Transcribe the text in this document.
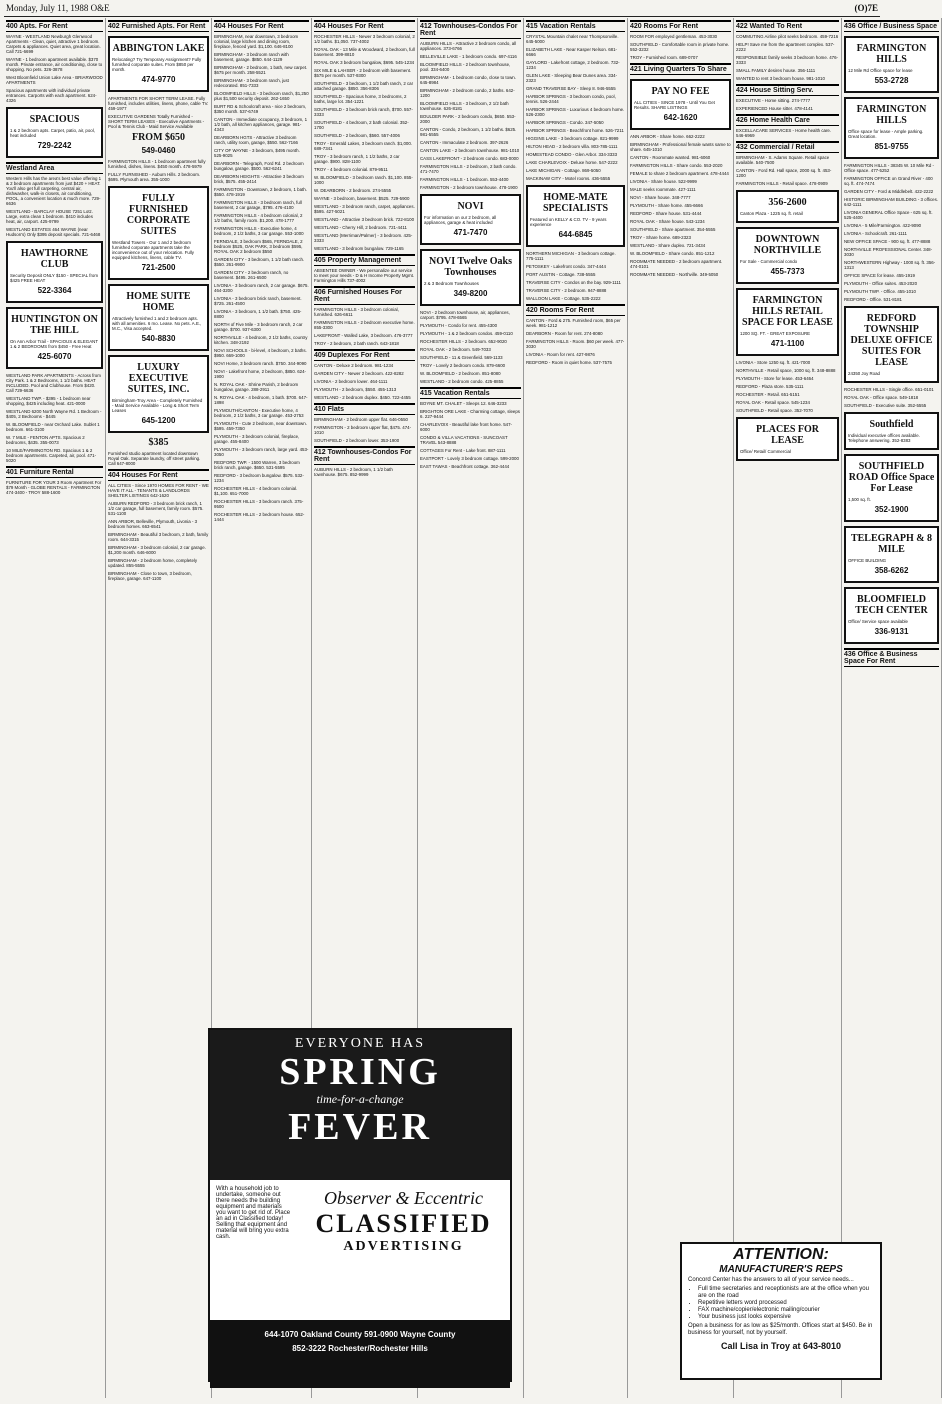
Monday, July 11, 1988 O&E	(O)7E
400 Apts. For Rent
WAYNE - WESTLAND Newburgh Glenwood Apartments - Clean, quiet, attractive 1 bedroom. Carpets & appliances. Quiet area, great location. Call 721-6699
WAYNE - 1 bedroom apartment available. $370 month. Private entrance, air conditioning, close to shopping. No pets. 326-3878
West Bloomfield Union Lake Area - BRIARWOOD APARTMENTS
Spacious apartments with individual private entrances. Carports with each apartment. 624-4326
SPACIOUS
1 & 2 bedroom apts. Carpet, patio, air, pool, heat included
729-2242
Westland Area
Western Hills has the area's best value offering 1 & 2 bedroom apartments from just $420 + HEAT. You'll also get full carpeting, central air, dishwasher, walk-in closets, air conditioning, POOL, a convenient location & much more. 729-6636
WESTLAND - BARCLAY HOUSE 7251 Lotz. Large, extra clean 1 bedroom. $410 includes heat, air, carport. 425-9799
WESTLAND ESTATES 464 WAYNE (near Hudson's) Only $395 deposit specials. 721-6468
HAWTHORNE CLUB
Security Deposit ONLY $150 - SPECIAL from $425 FREE HEAT
522-3364
HUNTINGTON ON THE HILL
On Ann Arbor Trail - SPACIOUS & ELEGANT 1 & 2 BEDROOMS from $450 - Free Heat
425-6070
WESTLAND PARK APARTMENTS - Across from City Park. 1 & 2 Bedrooms, 1 1/2 baths. HEAT INCLUDED. Pool and Clubhouse. From $420. Call 729-6636
WESTLAND TWP. - $395 - 1 bedroom near shopping, $425 including heat. 421-0000
WESTLAND 6200 North Wayne Rd. 1 Bedroom - $405, 2 Bedrooms - $445
W. BLOOMFIELD - near Orchard Lake. Sublet 1 bedroom. 661-3100
W. 7 MILE - FENTON APTS. Spacious 2 bedrooms, $435. 355-0073
10 MILE/FARMINGTON RD. Spacious 1 & 2 bedroom apartments. Carpeted, air, pool. 471-5020
401 Furniture Rental
FURNITURE FOR YOUR 3 Room Apartment For $79 Month - GLOBE RENTALS - FARMINGTON 474-3400 - TROY 588-1600
402 Furnished Apts. For Rent
ABBINGTON LAKE
Relocating? Try Temporary Assignment? Fully furnished corporate suites. From $850 per month.
474-9770
APARTMENTS FOR SHORT TERM LEASE. Fully furnished, includes utilities, linens, phone, cable TV. 459-1977
EXECUTIVE GARDENS Totally Furnished - SHORT TERM LEASES - Executive Apartments - Pool & Tennis Club - Maid Service Available
FROM $650
549-0460
FARMINGTON HILLS - 1 bedroom apartment fully furnished, dishes, linens. $450 month. 478-5979
FULLY FURNISHED - Auburn Hills. 2 bedroom. $695. Plymouth area. 355-1000
FULLY FURNISHED CORPORATE SUITES
Westland Towers - Our 1 and 2 bedroom furnished corporate apartments take the inconvenience out of your relocation. Fully equipped kitchens, linens, cable TV.
721-2500
HOME SUITE HOME
Attractively furnished 1 and 2 bedroom apts. with all amenities. 6 mo. Lease. No pets. A.E., M.C., Visa accepted.
540-8830
LUXURY EXECUTIVE SUITES, INC.
Birmingham-Troy Area - Completely Furnished - Maid Service Available - Long & Short Term Leases
645-1200
$385
Furnished studio apartment located downtown Royal Oak. Separate laundry, off street parking. Call 647-8000
404 Houses For Rent
ALL CITIES - Since 1970 HOMES FOR RENT - WE HAVE IT ALL - TENANTS & LANDLORDS SHELTER LISTINGS 642-1620
AUBURN REDFORD - 3 bedroom brick ranch, 1 1/2 car garage, full basement, family room. $575. 531-1100
ANN ARBOR, Belleville, Plymouth, Livonia - 3 bedroom homes. 663-6541
BIRMINGHAM - Beautiful 3 bedroom, 2 bath, family room. 644-3315
BIRMINGHAM - 3 bedroom colonial, 2 car garage. $1,200 month. 646-6000
BIRMINGHAM - 2 bedroom home, completely updated. 855-5555
BIRMINGHAM - Close to town, 3 bedroom, fireplace, garage. 647-1100
404 Houses For Rent
BIRMINGHAM, near downtown, 3 bedroom colonial, large kitchen and dining room, fireplace, fenced yard. $1,100. 646-8100
BIRMINGHAM - 3 bedroom ranch with basement, garage. $850. 644-1129
BIRMINGHAM - 2 bedroom, 1 bath, new carpet. $675 per month. 258-5521
BIRMINGHAM - 3 bedroom ranch, just redecorated. 851-7333
BLOOMFIELD HILLS - 3 bedroom ranch, $1,250 plus $1,500 security deposit. 262-1650
BURT RD & Schoolcraft area - nice 2 bedroom, $350 month. 537-6749
CANTON - Immediate occupancy, 3 bedroom, 1 1/2 bath, all kitchen appliances, garage. 981-4343
DEARBORN HGTS - Attractive 3 bedroom ranch, utility room, garage, $550. 562-7166
CITY OF WAYNE - 3 bedroom, $495 month. 525-9025
DEARBORN - Telegraph, Ford Rd. 2 bedroom bungalow, garage. $500. 562-6241
DEARBORN HEIGHTS - Attractive 3 bedroom brick, $575. 455-2414
FARMINGTON - Downtown, 2 bedroom, 1 bath. $550. 478-1919
FARMINGTON HILLS - 3 bedroom ranch, full basement, 2 car garage, $795. 476-4100
FARMINGTON HILLS - 4 bedroom colonial, 2 1/2 baths, family room. $1,200. 478-1777
FARMINGTON HILLS - Executive home, 4 bedroom, 2 1/2 baths, 3 car garage. 553-1000
FERNDALE, 3 bedroom $565, FERNDALE, 2 bedroom $525, OAK PARK, 3 bedroom $595, ROYAL OAK 2 bedroom $550
GARDEN CITY - 3 bedroom, 1 1/2 bath ranch. $550. 261-9900
GARDEN CITY - 2 bedroom ranch, no basement. $495. 261-6500
LIVONIA - 3 bedroom ranch, 2 car garage. $675. 464-3200
LIVONIA - 3 bedroom brick ranch, basement. $725. 261-4500
LIVONIA - 3 bedroom, 1 1/2 bath. $750. 425-8800
NORTH of Five Mile - 3 bedroom ranch, 2 car garage. $700. 937-6300
NORTHVILLE - 4 bedroom, 2 1/2 baths, country kitchen. 348-2192
NOVI SCHOOLS - bi-level, 4 bedroom, 2 baths. $950. 669-1000
NOVI Home, 3 bedroom ranch. $750. 344-9090
NOVI - Lakefront home, 2 bedroom, $850. 624-1900
N. ROYAL OAK - Shrine Parish, 2 bedroom bungalow, garage. 288-2911
N. ROYAL OAK - 4 bedroom, 1 bath. $700. 647-1898
PLYMOUTH/CANTON - Executive home, 4 bedroom, 2 1/2 baths, 3 car garage. 453-2753
PLYMOUTH - Cute 2 bedroom, near downtown. $595. 459-7350
PLYMOUTH - 3 bedroom colonial, fireplace, garage. 455-8400
PLYMOUTH - 3 bedroom ranch, large yard. 453-3050
REDFORD TWP. - 1500 Warren, 3 bedroom brick ranch, garage. $650. 531-5595
REDFORD - 3 bedroom bungalow. $575. 532-1234
ROCHESTER HILLS - 4 bedroom colonial. $1,100. 651-7000
ROCHESTER HILLS - 3 bedroom ranch. 375-9500
ROCHESTER HILLS - 2 bedroom house. 652-1444
404 Houses For Rent
ROCHESTER HILLS - Newer 3 bedroom colonial, 2 1/2 baths. $1,050. 737-4002
ROYAL OAK - 13 Mile & Woodward, 2 bedroom, full basement. 399-8810
ROYAL OAK 3 bedroom bungalow, $695. 545-1234
SIX MILE & LAHSER - 2 bedroom with basement. $575 per month. 537-9300
SOUTHFIELD - 3 bedroom, 1 1/2 bath ranch, 2 car attached garage. $850. 356-8306
SOUTHFIELD - Spacious home, 3 bedrooms, 2 baths, large lot. 354-1221
SOUTHFIELD - 3 bedroom brick ranch, $700. 557-3333
SOUTHFIELD - 4 bedroom, 2 bath colonial. 352-1700
SOUTHFIELD - 2 bedroom, $560. 557-4006
TROY - Emerald Lakes, 3 bedroom ranch. $1,000. 689-7341
TROY - 3 bedroom ranch, 1 1/2 baths, 2 car garage. $900. 828-1100
TROY - 4 bedroom colonial. 879-9511
W. BLOOMFIELD - 3 bedroom ranch. $1,100. 855-1000
W. DEARBORN - 2 bedroom. 274-5555
WAYNE - 3 bedroom, basement. $525. 729-5900
WESTLAND - 3 bedroom ranch, carpet, appliances. $595. 427-5021
WESTLAND - Attractive 3 bedroom brick. 722-8100
WESTLAND - Cherry Hill, 2 bedroom. 721-4411
WESTLAND (Merriman/Palmer) - 3 bedroom. 425-3333
WESTLAND - 3 bedroom bungalow. 729-1165
405 Property Management
ABSENTEE OWNER - We personalize our service to meet your needs - D & H Income Property Mgmt. Farmington Hills 737-4002
406 Furnished Houses For Rent
FARMINGTON HILLS - 3 bedroom colonial, furnished. 626-6611
FARMINGTON HILLS - 2 bedroom executive home. 855-3300
LAKEFRONT - Walled Lake, 3 bedroom. 476-3777
TROY - 2 bedroom, 2 bath ranch. 643-1818
409 Duplexes For Rent
CANTON - Deluxe 2 bedroom. 981-1234
GARDEN CITY - Newer 2 bedroom. 422-8282
LIVONIA - 2 bedroom lower. 464-1111
PLYMOUTH - 2 bedroom, $550. 455-1313
WESTLAND - 2 bedroom duplex. $450. 722-4455
410 Flats
BIRMINGHAM - 2 bedroom upper flat. 646-0550
FARMINGTON - 2 bedroom upper flat, $475. 474-1010
SOUTHFIELD - 2 bedroom lower. 353-1900
412 Townhouses-Condos For Rent
AUBURN HILLS - 2 bedroom, 1 1/2 bath townhouse. $675. 852-9999
412 Townhouses-Condos For Rent
AUBURN HILLS - Attractive 2 bedroom condo, all appliances. 373-6766
BELLEVILLE LAKE - 1 bedroom condo. 697-4116
BLOOMFIELD HILLS - 2 bedroom townhouse, pool. 334-6400
BIRMINGHAM - 1 bedroom condo, close to town. 645-8984
BIRMINGHAM - 2 bedroom condo, 2 baths. 642-1200
BLOOMFIELD HILLS - 3 bedroom, 2 1/2 bath townhouse. 626-8181
BOULDER PARK - 2 bedroom condo, $650. 553-2000
CANTON - Condo, 2 bedroom, 1 1/2 baths. $625. 981-5555
CANTON - Immaculate 2 bedroom. 397-2626
CANTON LAKE - 2 bedroom townhouse. 981-1010
CASS LAKEFRONT - 2 bedroom condo. 683-0000
FARMINGTON HILLS - 2 bedroom, 2 bath condo. 471-7470
FARMINGTON HILLS - 1 bedroom. 553-4400
FARMINGTON - 2 bedroom townhouse. 478-1900
NOVI
For information on our 2 bedroom, all appliances, garage & heat included
471-7470
NOVI Twelve Oaks Townhouses
2 & 3 Bedroom Townhouses
349-8200
NOVI - 2 bedroom townhouse, air, appliances, carport. $795. 478-6565
PLYMOUTH - Condo for rent. 455-4300
PLYMOUTH - 1 & 2 bedroom condos. 459-0110
ROCHESTER HILLS - 2 bedroom. 652-9020
ROYAL OAK - 2 bedroom. 549-7033
SOUTHFIELD - 11 & Greenfield. 569-1133
TROY - Lovely 2 bedroom condo. 879-6600
W. BLOOMFIELD - 2 bedroom. 851-8080
WESTLAND - 2 bedroom condo. 425-8855
415 Vacation Rentals
BOYNE MT. CHALET - Sleeps 12. 646-3233
BRIGHTON ORE LAKE - Charming cottage, sleeps 6. 227-9444
CHARLEVOIX - Beautiful lake front home. 547-6000
CONDO & VILLA VACATIONS - SUNCOAST TRAVEL 543-8888
COTTAGES For Rent - Lake front. 887-1111
EASTPORT - Lovely 3 bedroom cottage. 599-2000
EAST TAWAS - Beachfront cottage. 362-4444
415 Vacation Rentals
CRYSTAL Mountain chalet near Thompsonville. 645-5000
ELIZABETH LAKE - Near Kasper Nelson. 681-6666
GAYLORD - Lakefront cottage, 2 bedroom. 732-1234
GLEN LAKE - Sleeping Bear Dunes area. 334-2323
GRAND TRAVERSE BAY - Sleep 8. 946-5555
HARBOR SPRINGS - 3 bedroom condo, pool, tennis. 526-2444
HARBOR SPRINGS - Luxurious 4 bedroom home. 526-2300
HARBOR SPRINGS - Condo. 347-5050
HARBOR SPRINGS - Beachfront home. 526-7211
HIGGINS LAKE - 3 bedroom cottage. 821-9999
HILTON HEAD - 2 bedroom villa. 803-785-1111
HOMESTEAD CONDO - Glen Arbor. 334-3333
LAKE CHARLEVOIX - Deluxe home. 547-2222
LAKE MICHIGAN - Cottage. 869-5050
MACKINAW CITY - Motel rooms. 436-5555
HOME-MATE SPECIALISTS
Featured on KELLY & CO. TV - 9 years experience
644-6845
NORTHERN MICHIGAN - 3 bedroom cottage. 775-1111
PETOSKEY - Lakefront condo. 347-4444
PORT AUSTIN - Cottage. 738-5555
TRAVERSE CITY - Condos on the bay. 929-1111
TRAVERSE CITY - 2 bedroom. 947-8888
WALLOON LAKE - Cottage. 535-2222
420 Rooms For Rent
CANTON - Ford & 275. Furnished room, $65 per week. 981-1212
DEARBORN - Room for rent. 274-8080
FARMINGTON HILLS - Room. $60 per week. 477-3030
LIVONIA - Room for rent. 427-9876
REDFORD - Room in quiet home. 537-7575
420 Rooms For Rent
ROOM FOR employed gentleman. 453-3030
SOUTHFIELD - Comfortable room in private home. 552-3232
TROY - Furnished room. 689-0707
421 Living Quarters To Share
PAY NO FEE
ALL CITIES - SINCE 1978 - Until You Get Results. SHARE LISTINGS
642-1620
ANN ARBOR - Share home. 662-2222
BIRMINGHAM - Professional female wants same to share. 645-1010
CANTON - Roommate wanted. 981-6060
FARMINGTON HILLS - Share condo. 553-2020
FEMALE to share 2 bedroom apartment. 478-4444
LIVONIA - Share house. 522-9999
MALE seeks roommate. 427-1111
NOVI - Share house. 348-7777
PLYMOUTH - Share home. 455-6666
REDFORD - Share house. 531-4444
ROYAL OAK - Share house. 543-1234
SOUTHFIELD - Share apartment. 354-5555
TROY - Share home. 689-2323
WESTLAND - Share duplex. 721-3434
W. BLOOMFIELD - Share condo. 851-1212
ROOMMATE NEEDED - 2 bedroom apartment. 474-0101
ROOMMATE NEEDED - Northville. 349-5050
422 Wanted To Rent
COMMUTING Airline pilot seeks bedroom. 459-7216
HELP! Save me from the apartment complex. 537-2222
RESPONSIBLE family seeks 3 bedroom home. 476-3333
SMALL FAMILY desires house. 356-1111
WANTED to rent 3 bedroom house. 981-1010
424 House Sitting Serv.
EXECUTIVE - Home sitting. 274-7777
EXPERIENCED House sitter. 478-4141
426 Home Health Care
EXCELLACARE SERVICES - Home health care. 546-6969
432 Commercial / Retail
BIRMINGHAM - S. Adams Square. Retail space available. 540-7500
CANTON - Ford Rd. Hall space, 2000 sq. ft. 453-1200
FARMINGTON HILLS - Retail space. 478-0909
356-2600
Canton Plaza - 1225 sq. ft. retail
DOWNTOWN NORTHVILLE
For Sale - Commercial condo
455-7373
FARMINGTON HILLS RETAIL SPACE FOR LEASE
1200 SQ. FT. - GREAT EXPOSURE
471-1100
LIVONIA - Store 1250 sq. ft. 421-7000
NORTHVILLE - Retail space, 1000 sq. ft. 348-8888
PLYMOUTH - Store for lease. 453-6464
REDFORD - Plaza store. 535-1111
ROCHESTER - Retail. 651-5151
ROYAL OAK - Retail space. 545-1234
SOUTHFIELD - Retail space. 352-7070
PLACES FOR LEASE
Office/ Retail/ Commercial
436 Office / Business Space
FARMINGTON HILLS
12 Mile Rd Office space for lease
553-2728
FARMINGTON HILLS
Office space for lease - Ample parking. Great location.
851-9755
FARMINGTON HILLS - 38345 W. 10 Mile Rd - Office space. 477-5252
FARMINGTON OFFICE on Grand River - 400 sq. ft. 474-7474
GARDEN CITY - Ford & Middlebelt. 422-2222
HISTORIC BIRMINGHAM BUILDING - 3 offices. 642-1111
LIVONIA GENERAL Office Space - 625 sq. ft. 525-4400
LIVONIA - 5 Mile/Farmington. 422-9090
LIVONIA - Schoolcraft. 261-1111
NEW OFFICE SPACE - 900 sq. ft. 477-8888
NORTHVILLE PROFESSIONAL Center. 348-3030
NORTHWESTERN Highway - 1000 sq. ft. 356-1313
OFFICE SPACE for lease. 455-1919
PLYMOUTH - Office suites. 453-2020
PLYMOUTH TWP. - Office. 455-1010
REDFORD - Office. 531-8181
REDFORD TOWNSHIP DELUXE OFFICE SUITES FOR LEASE
24350 Joy Road
ROCHESTER HILLS - Single office. 651-0101
ROYAL OAK - Office space. 549-1818
SOUTHFIELD - Executive suite. 352-5555
Southfield
Individual executive offices available. Telephone answering. 352-8383
SOUTHFIELD ROAD Office Space For Lease
1,500 sq. ft.
352-1900
TELEGRAPH & 8 MILE
OFFICE BUILDING
358-6262
BLOOMFIELD TECH CENTER
Office/ Service space available
336-9131
436 Office & Business Space For Rent
EVERYONE HAS
SPRING
time-for-a-change
FEVER
With a household job to undertake, someone out there needs the building equipment and materials you want to get rid of. Place an ad in Classified today! Selling that equipment and material will bring you extra cash.
Observer & Eccentric
CLASSIFIED
ADVERTISING
644-1070 Oakland County 591-0900 Wayne County
852-3222 Rochester/Rochester Hills
ATTENTION:
MANUFACTURER'S REPS
Concord Center has the answers to all of your service needs...
• Full time secretaries and receptionists are at the office when you are on the road
• Repetitive letters word processed
• FAX machine/copier/electronic mailing/courier
• Your business just looks expensive
Open a business for as low as $25/month. Offices start at $450. Be in business for yourself, not by yourself.
Call Lisa in Troy at 643-8010
